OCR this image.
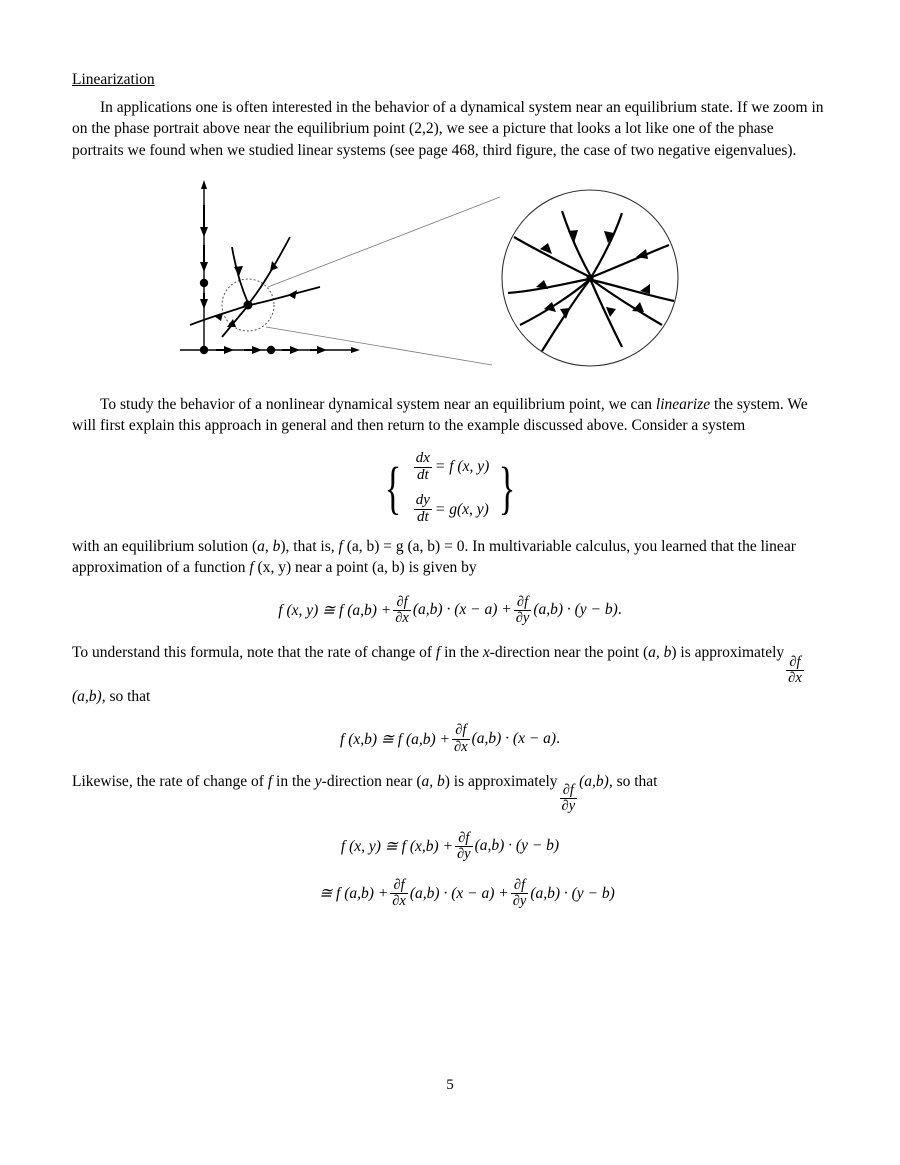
Linearization

In applications one is often interested in the behavior of a dynamical system near an equilibrium state. If we zoom in on the phase portrait above near the equilibrium point (2,2), we see a picture that looks a lot like one of the phase portraits we found when we studied linear systems (see page 468, third figure, the case of two negative eigenvalues).

To study the behavior of a nonlinear dynamical system near an equilibrium point, we can linearize the system. We will first explain this approach in general and then return to the example discussed above. Consider a system

{ $\frac{dx}{dt} = f$ (x, y)
$\frac{dy}{dt} = g(x$, y) }

with an equilibrium solution (a, b), that is, f (a, b) = g (a, b) = 0. In multivariable calculus, you learned that the linear approximation of a function f (x, y) near a point (a, b) is given by

f (x, y) ≅ f $(a,b) + \frac{\partial f}{\partial x} (a,b) \cdot (x - a) + \frac{\partial f}{\partial y} (a,b) \cdot (y - b)$ .

To understand this formula, note that the rate of change of f in the x-direction near the point (a, b) is approximately
$\frac{\partial f}{\partial x}$
(a,b), so that

f (x,b) ≅ f $(a,b) + \frac{\partial f}{\partial x} (a,b) \cdot (x - a)$ .

Likewise, the rate of change of f in the y-direction near (a, b) is approximately
$\frac{\partial f}{\partial y}$
(a,b), so that

f (x, y) ≅ f $(x,b) + \frac{\partial f}{\partial y} (a,b) \cdot (y - b)$
≅ f $(a,b) + \frac{\partial f}{\partial x} (a,b) \cdot (x - a) + \frac{\partial f}{\partial y} (a,b) \cdot (y - b)$
5
